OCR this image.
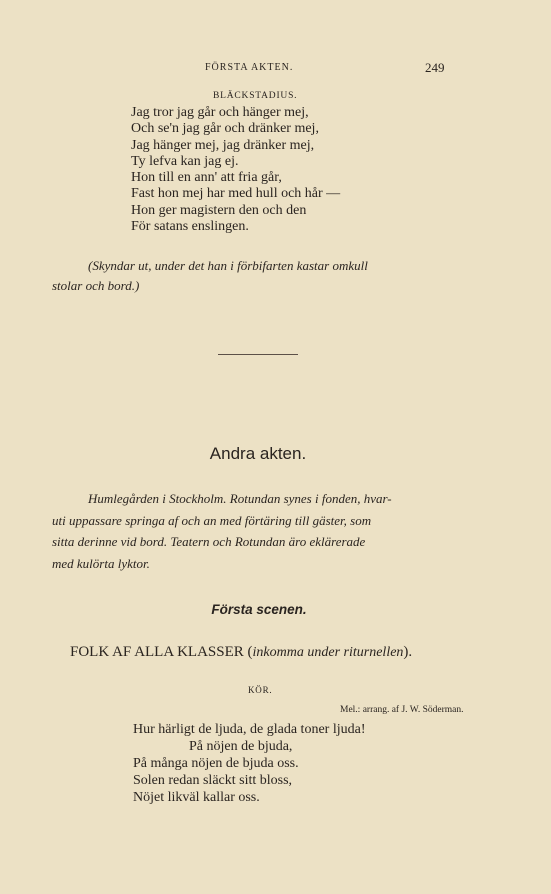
FÖRSTA AKTEN.	249
BLÄCKSTADIUS.
Jag tror jag går och hänger mej,
Och se'n jag går och dränker mej,
Jag hänger mej, jag dränker mej,
Ty lefva kan jag ej.
Hon till en ann' att fria går,
Fast hon mej har med hull och hår —
Hon ger magistern den och den
För satans enslingen.
(Skyndar ut, under det han i förbifarten kastar omkull
stolar och bord.)
Andra akten.
Humlegården i Stockholm. Rotundan synes i fonden, hvar-
uti uppassare springa af och an med förtäring till gäster, som
sitta derinne vid bord. Teatern och Rotundan äro eklärerade
med kulörta lyktor.
Första scenen.
FOLK AF ALLA KLASSER (inkomma under riturnellen).
KÖR.
Mel.: arrang. af J. W. Söderman.
Hur härligt de ljuda, de glada toner ljuda!
På nöjen de bjuda,
På många nöjen de bjuda oss.
Solen redan släckt sitt bloss,
Nöjet likväl kallar oss.
